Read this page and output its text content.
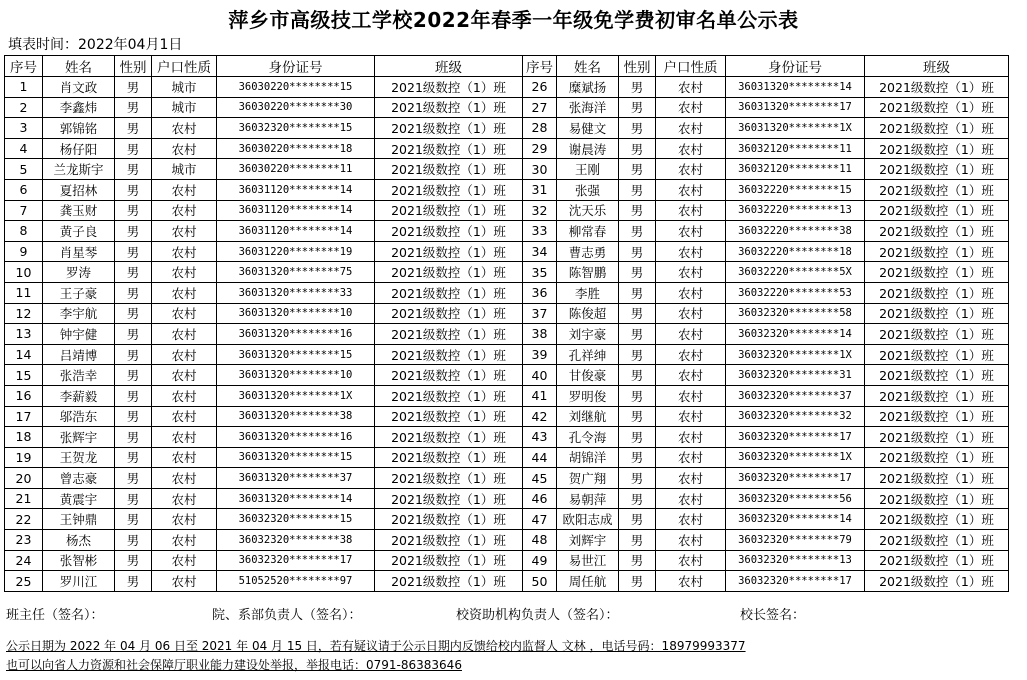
萍乡市高级技工学校2022年春季一年级免学费初审名单公示表
填表时间：2022年04月1日
序号	姓名	性别	户口性质	身份证号	班级	序号	姓名	性别	户口性质	身份证号	班级
1	肖文政	男	城市	36030220********15	2021级数控（1）班	26	糜斌扬	男	农村	36031320********14	2021级数控（1）班
2	李鑫炜	男	城市	36030220********30	2021级数控（1）班	27	张海洋	男	农村	36031320********17	2021级数控（1）班
3	郭锦铭	男	农村	36032320********15	2021级数控（1）班	28	易健文	男	农村	36031320********1X	2021级数控（1）班
4	杨仔阳	男	农村	36030220********18	2021级数控（1）班	29	谢晨涛	男	农村	36032120********11	2021级数控（1）班
5	兰龙斯宇	男	城市	36030220********11	2021级数控（1）班	30	王刚	男	农村	36032120********11	2021级数控（1）班
6	夏招林	男	农村	36031120********14	2021级数控（1）班	31	张强	男	农村	36032220********15	2021级数控（1）班
7	龚玉财	男	农村	36031120********14	2021级数控（1）班	32	沈天乐	男	农村	36032220********13	2021级数控（1）班
8	黄子良	男	农村	36031120********14	2021级数控（1）班	33	柳常春	男	农村	36032220********38	2021级数控（1）班
9	肖星琴	男	农村	36031220********19	2021级数控（1）班	34	曹志勇	男	农村	36032220********18	2021级数控（1）班
10	罗涛	男	农村	36031320********75	2021级数控（1）班	35	陈智鹏	男	农村	36032220********5X	2021级数控（1）班
11	王子豪	男	农村	36031320********33	2021级数控（1）班	36	李胜	男	农村	36032220********53	2021级数控（1）班
12	李宇航	男	农村	36031320********10	2021级数控（1）班	37	陈俊超	男	农村	36032320********58	2021级数控（1）班
13	钟宇健	男	农村	36031320********16	2021级数控（1）班	38	刘宇豪	男	农村	36032320********14	2021级数控（1）班
14	吕靖博	男	农村	36031320********15	2021级数控（1）班	39	孔祥绅	男	农村	36032320********1X	2021级数控（1）班
15	张浩幸	男	农村	36031320********10	2021级数控（1）班	40	甘俊豪	男	农村	36032320********31	2021级数控（1）班
16	李薪毅	男	农村	36031320********1X	2021级数控（1）班	41	罗明俊	男	农村	36032320********37	2021级数控（1）班
17	邬浩东	男	农村	36031320********38	2021级数控（1）班	42	刘继航	男	农村	36032320********32	2021级数控（1）班
18	张辉宇	男	农村	36031320********16	2021级数控（1）班	43	孔令海	男	农村	36032320********17	2021级数控（1）班
19	王贺龙	男	农村	36031320********15	2021级数控（1）班	44	胡锦洋	男	农村	36032320********1X	2021级数控（1）班
20	曾志豪	男	农村	36031320********37	2021级数控（1）班	45	贺广翔	男	农村	36032320********17	2021级数控（1）班
21	黄震宇	男	农村	36031320********14	2021级数控（1）班	46	易朝萍	男	农村	36032320********56	2021级数控（1）班
22	王钟鼎	男	农村	36032320********15	2021级数控（1）班	47	欧阳志成	男	农村	36032320********14	2021级数控（1）班
23	杨杰	男	农村	36032320********38	2021级数控（1）班	48	刘辉宇	男	农村	36032320********79	2021级数控（1）班
24	张智彬	男	农村	36032320********17	2021级数控（1）班	49	易世江	男	农村	36032320********13	2021级数控（1）班
25	罗川江	男	农村	51052520********97	2021级数控（1）班	50	周任航	男	农村	36032320********17	2021级数控（1）班
班主任（签名）：	院、系部负责人（签名）：	校资助机构负责人（签名）：	校长签名：
公示日期为 2022 年 04 月 06 日至 2021 年 04 月 15 日，若有疑议请于公示日期内反馈给校内监督人 文林 ，电话号码：18979993377
也可以向省人力资源和社会保障厅职业能力建设处举报，举报电话：0791-86383646
